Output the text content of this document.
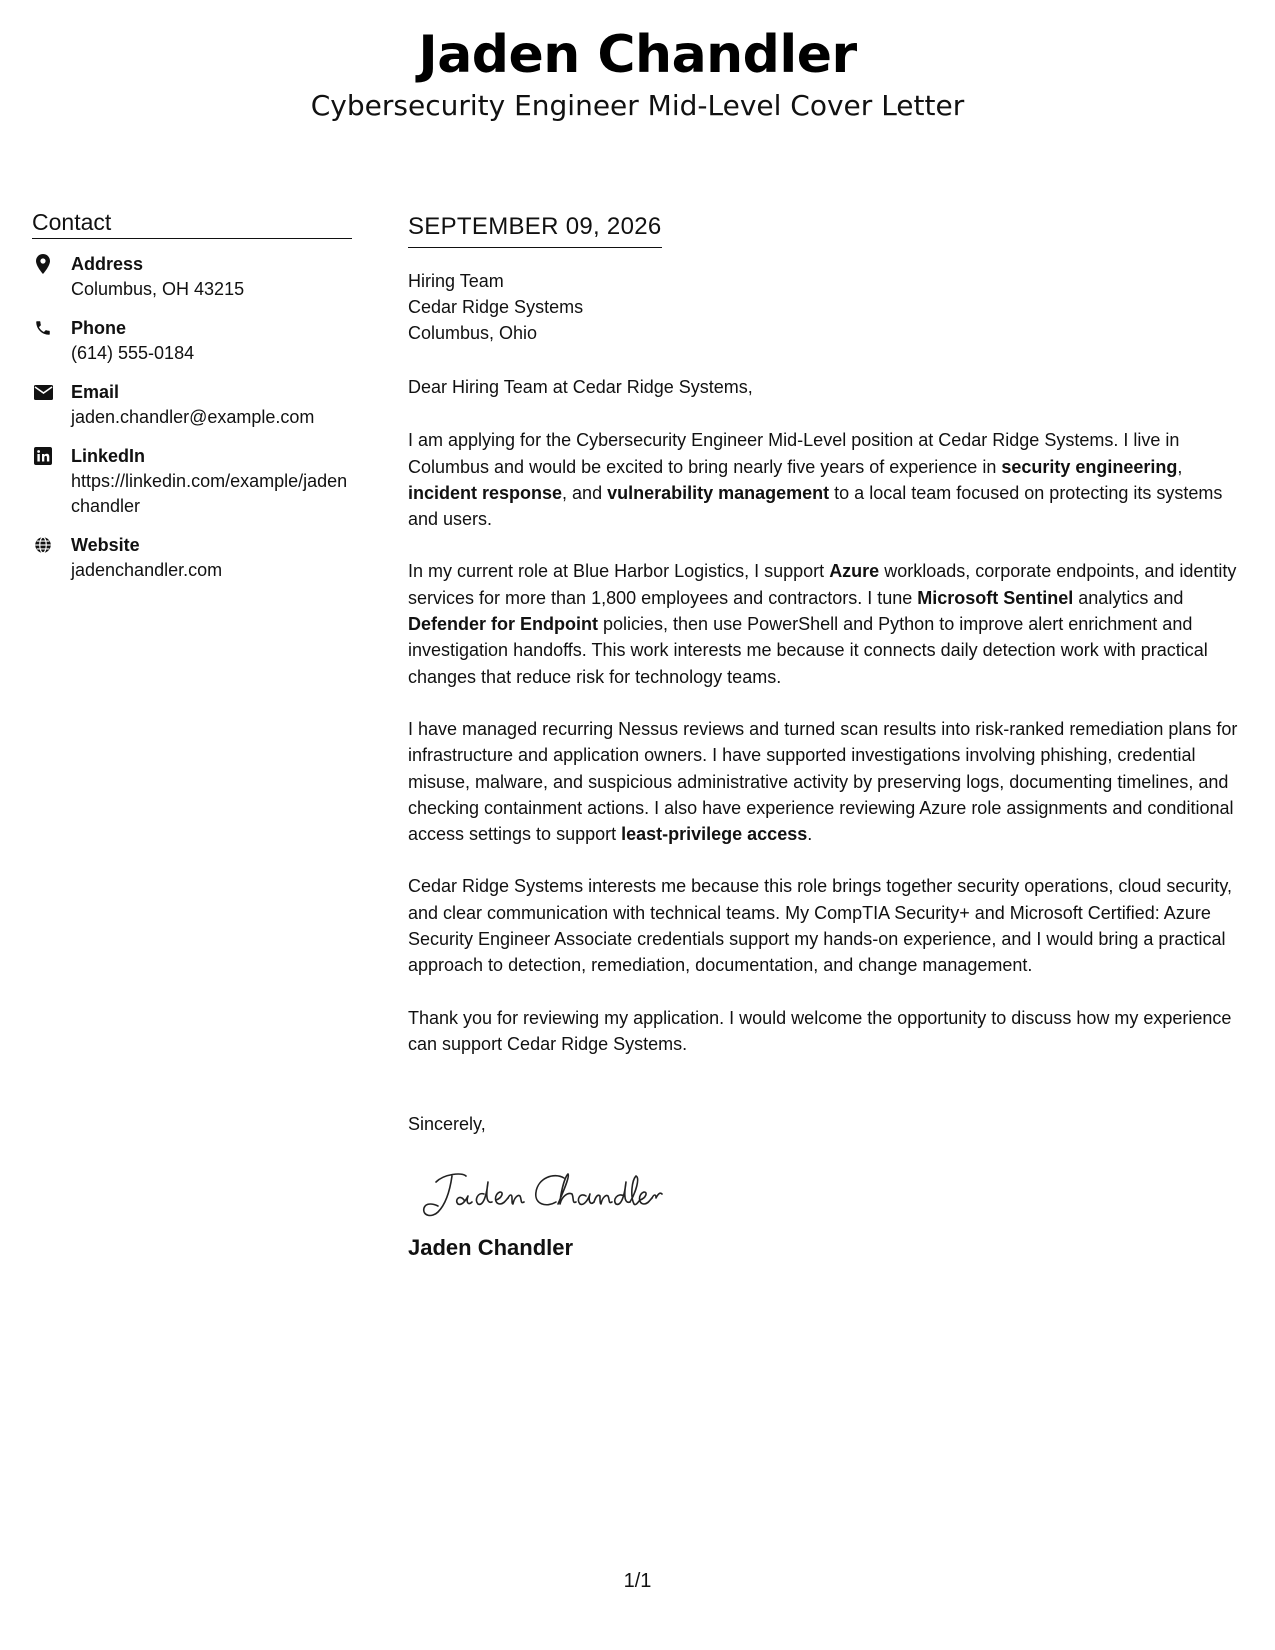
Jaden Chandler
Cybersecurity Engineer Mid-Level Cover Letter
Contact
Address
Columbus, OH 43215
Phone
(614) 555-0184
Email
jaden.chandler@example.com
LinkedIn
https://linkedin.com/example/jadenchandler
Website
jadenchandler.com
SEPTEMBER 09, 2026
Hiring Team
Cedar Ridge Systems
Columbus, Ohio
Dear Hiring Team at Cedar Ridge Systems,

I am applying for the Cybersecurity Engineer Mid-Level position at Cedar Ridge Systems. I live in Columbus and would be excited to bring nearly five years of experience in security engineering, incident response, and vulnerability management to a local team focused on protecting its systems and users.

In my current role at Blue Harbor Logistics, I support Azure workloads, corporate endpoints, and identity services for more than 1,800 employees and contractors. I tune Microsoft Sentinel analytics and Defender for Endpoint policies, then use PowerShell and Python to improve alert enrichment and investigation handoffs. This work interests me because it connects daily detection work with practical changes that reduce risk for technology teams.

I have managed recurring Nessus reviews and turned scan results into risk-ranked remediation plans for infrastructure and application owners. I have supported investigations involving phishing, credential misuse, malware, and suspicious administrative activity by preserving logs, documenting timelines, and checking containment actions. I also have experience reviewing Azure role assignments and conditional access settings to support least-privilege access.

Cedar Ridge Systems interests me because this role brings together security operations, cloud security, and clear communication with technical teams. My CompTIA Security+ and Microsoft Certified: Azure Security Engineer Associate credentials support my hands-on experience, and I would bring a practical approach to detection, remediation, documentation, and change management.

Thank you for reviewing my application. I would welcome the opportunity to discuss how my experience can support Cedar Ridge Systems.

Sincerely,
Jaden Chandler
1/1
